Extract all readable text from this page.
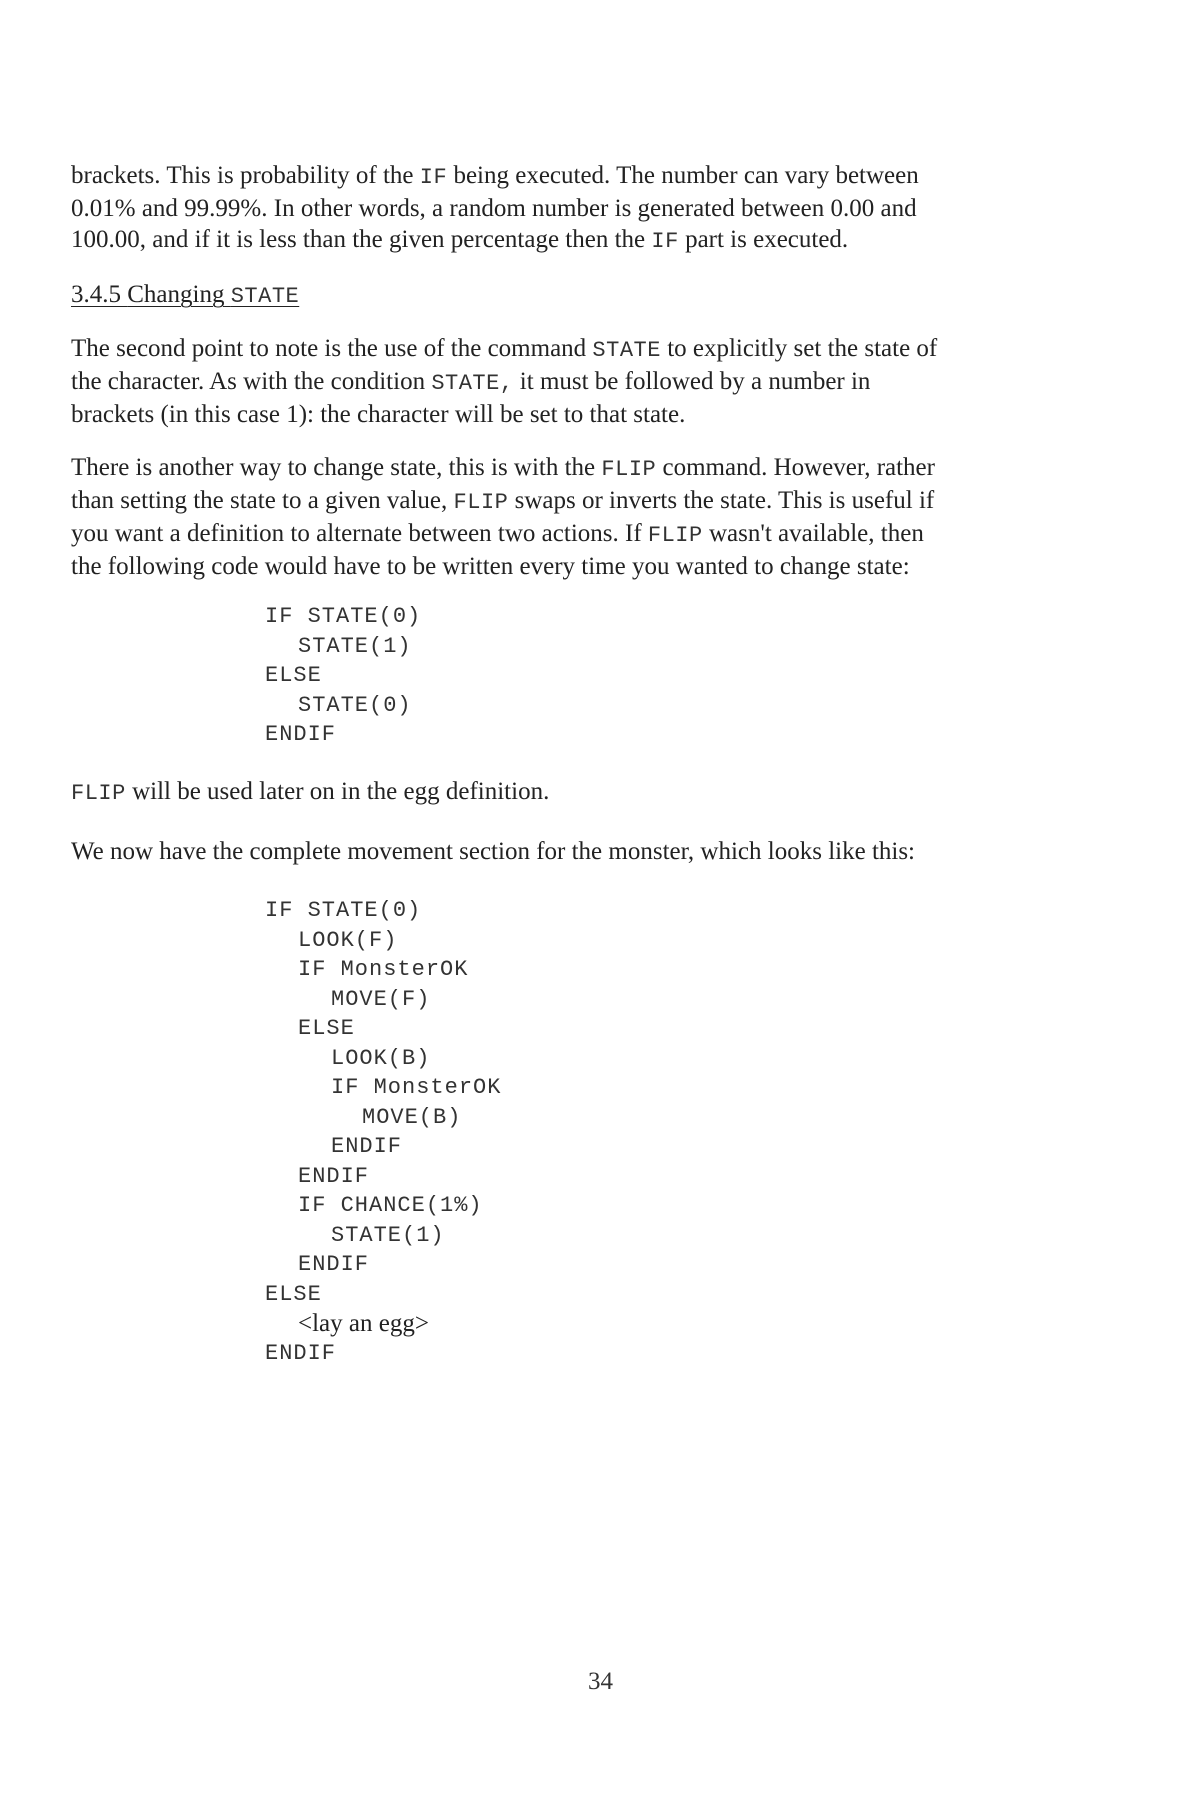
brackets. This is probability of the IF being executed. The number can vary between
0.01% and 99.99%. In other words, a random number is generated between 0.00 and
100.00, and if it is less than the given percentage then the IF part is executed.

3.4.5 Changing STATE

The second point to note is the use of the command STATE to explicitly set the state of
the character. As with the condition STATE, it must be followed by a number in
brackets (in this case 1): the character will be set to that state.

There is another way to change state, this is with the FLIP command. However, rather
than setting the state to a given value, FLIP swaps or inverts the state. This is useful if
you want a definition to alternate between two actions. If FLIP wasn't available, then
the following code would have to be written every time you wanted to change state:

IF STATE(0)
STATE(1)
ELSE
STATE(0)
ENDIF

FLIP will be used later on in the egg definition.

We now have the complete movement section for the monster, which looks like this:

IF STATE(0)
LOOK(F)
IF MonsterOK
MOVE(F)
ELSE
LOOK(B)
IF MonsterOK
MOVE(B)
ENDIF
ENDIF
IF CHANCE(1%)
STATE(1)
ENDIF
ELSE
<lay an egg>
ENDIF
34
